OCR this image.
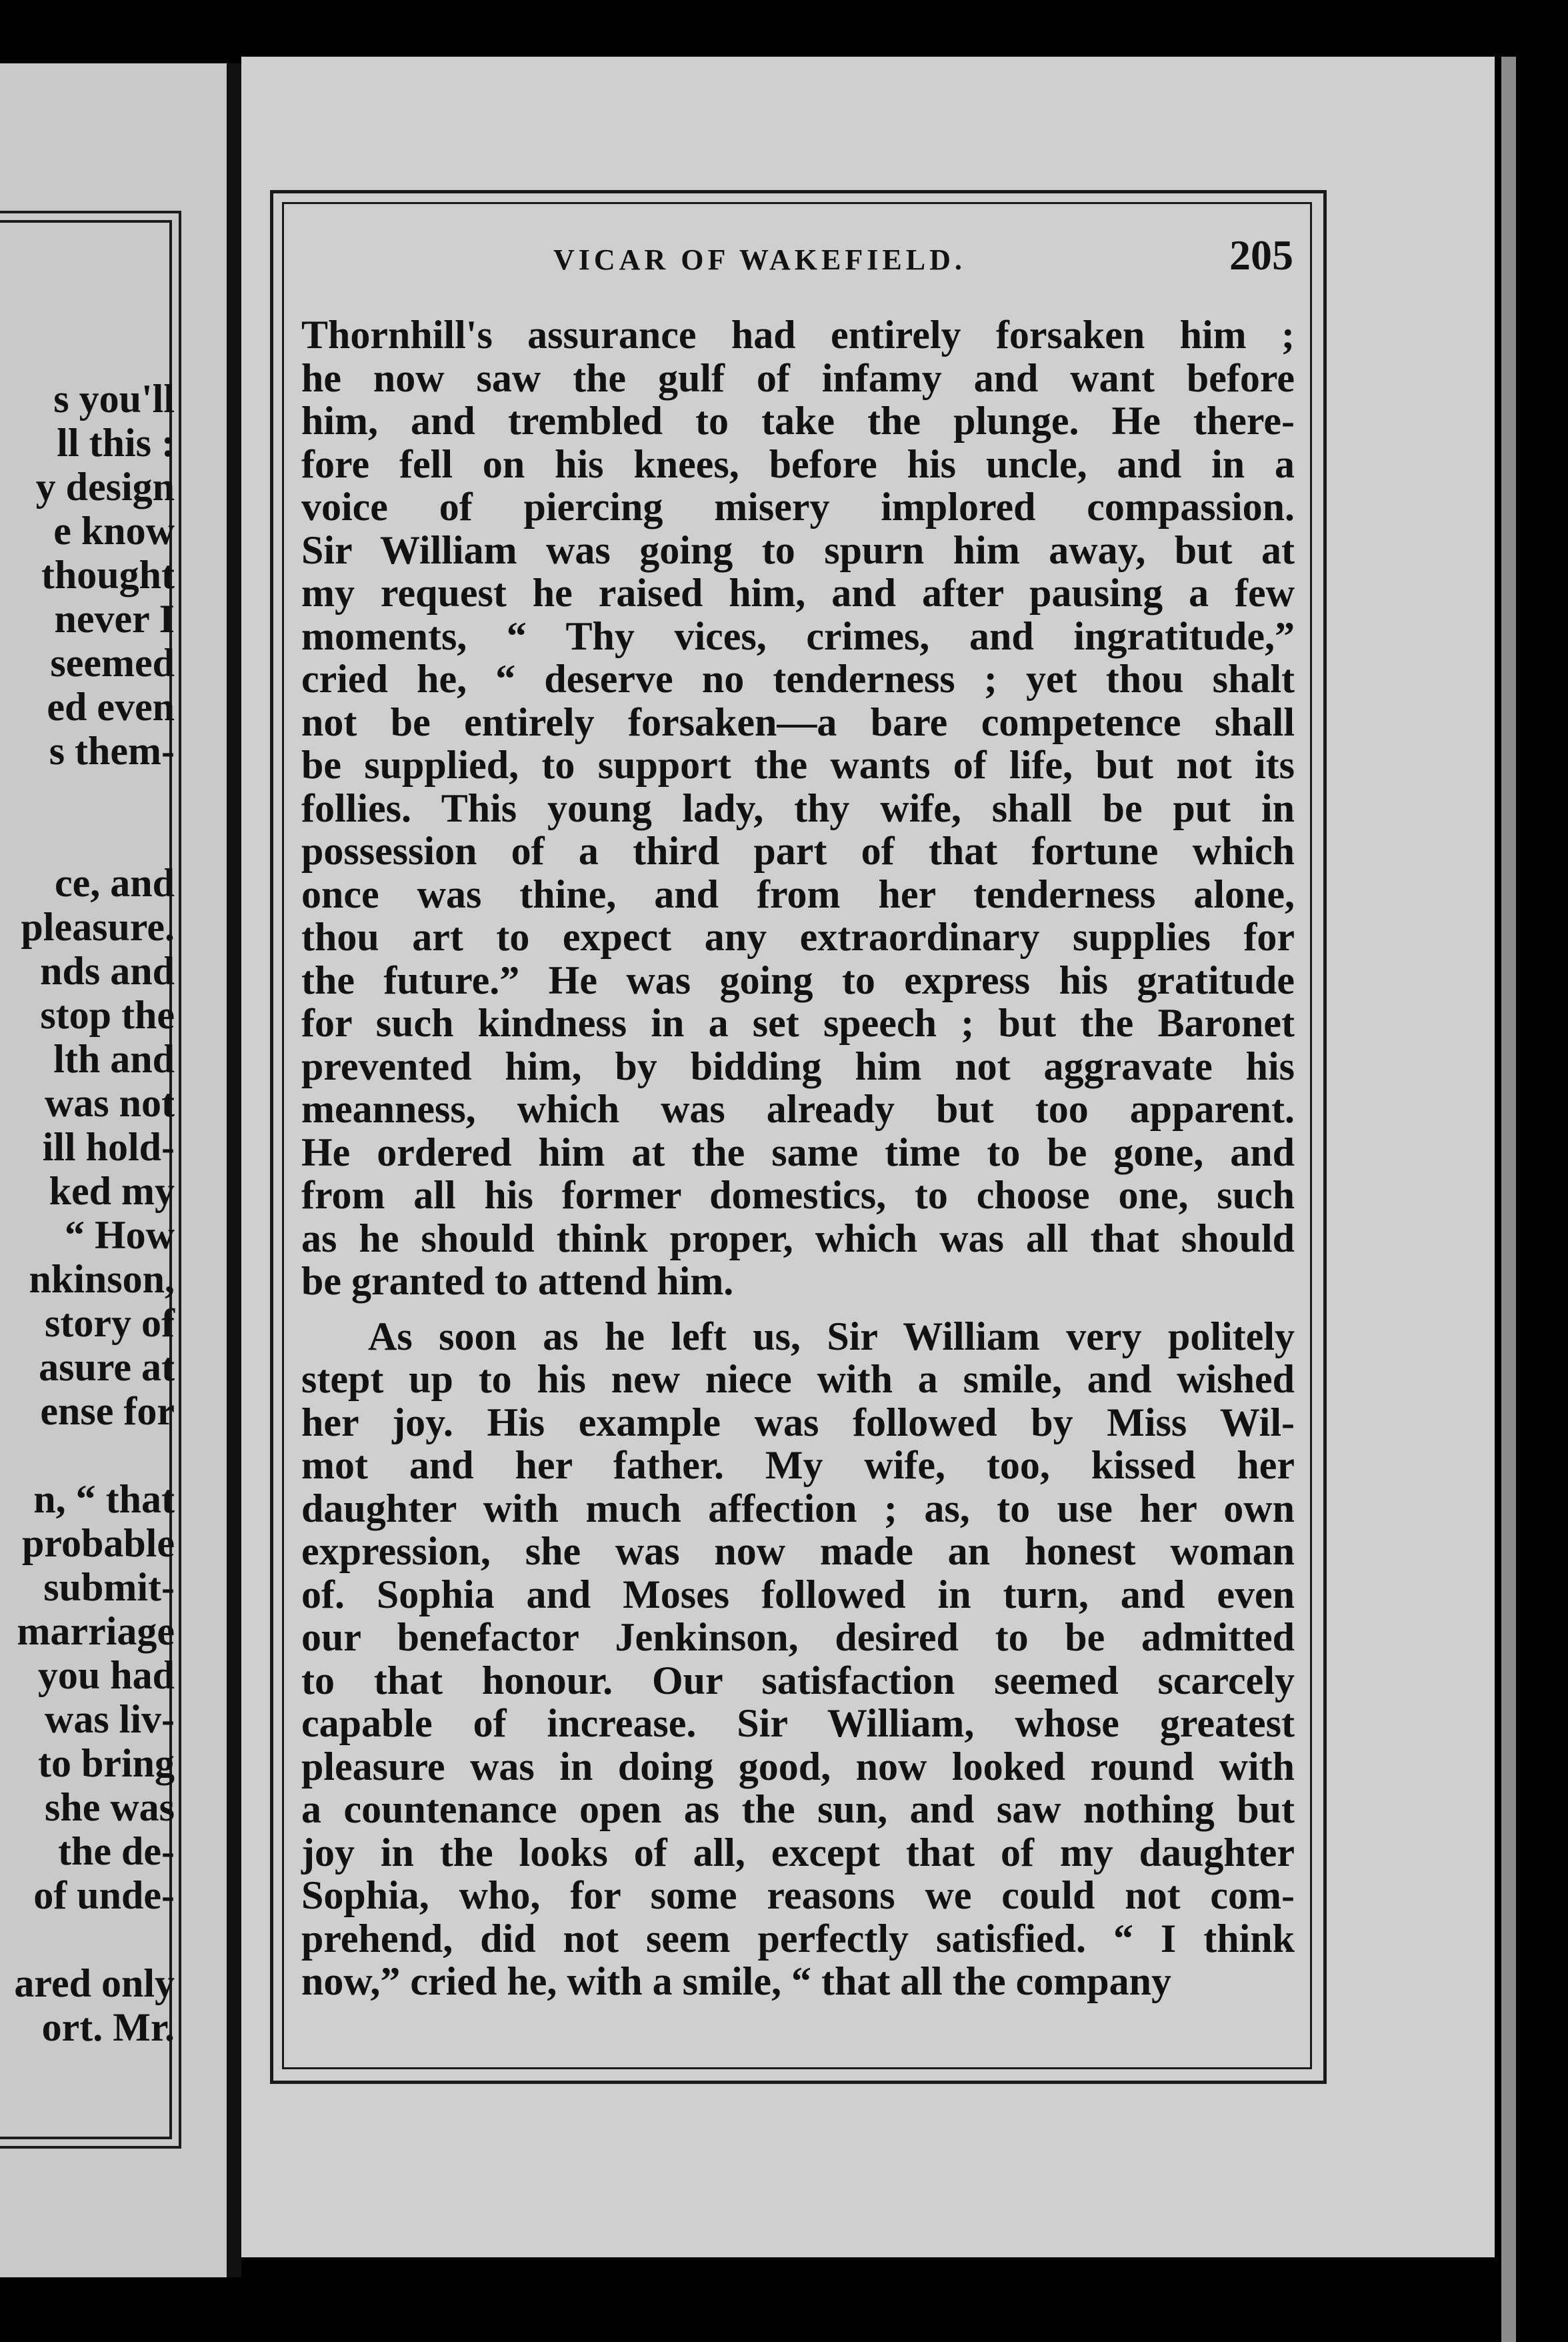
s you'll
ll this :
y design
e know
thought
never I
seemed
ed even
s them-

ce, and
pleasure.
nds and
stop the
lth and
was not
ill hold-
ked my
“ How
nkinson,
story of
asure at
ense for

n, “ that
probable
submit-
marriage
you had
was liv-
to bring
she was
the de-
of unde-

ared only
ort. Mr.
VICAR OF WAKEFIELD.	205
Thornhill's assurance had entirely forsaken him ;
he now saw the gulf of infamy and want before
him, and trembled to take the plunge. He there-
fore fell on his knees, before his uncle, and in a
voice of piercing misery implored compassion.
Sir William was going to spurn him away, but at
my request he raised him, and after pausing a few
moments, “ Thy vices, crimes, and ingratitude,”
cried he, “ deserve no tenderness ; yet thou shalt
not be entirely forsaken—a bare competence shall
be supplied, to support the wants of life, but not its
follies. This young lady, thy wife, shall be put in
possession of a third part of that fortune which
once was thine, and from her tenderness alone,
thou art to expect any extraordinary supplies for
the future.” He was going to express his gratitude
for such kindness in a set speech ; but the Baronet
prevented him, by bidding him not aggravate his
meanness, which was already but too apparent.
He ordered him at the same time to be gone, and
from all his former domestics, to choose one, such
as he should think proper, which was all that should
be granted to attend him.
As soon as he left us, Sir William very politely
stept up to his new niece with a smile, and wished
her joy. His example was followed by Miss Wil-
mot and her father. My wife, too, kissed her
daughter with much affection ; as, to use her own
expression, she was now made an honest woman
of. Sophia and Moses followed in turn, and even
our benefactor Jenkinson, desired to be admitted
to that honour. Our satisfaction seemed scarcely
capable of increase. Sir William, whose greatest
pleasure was in doing good, now looked round with
a countenance open as the sun, and saw nothing but
joy in the looks of all, except that of my daughter
Sophia, who, for some reasons we could not com-
prehend, did not seem perfectly satisfied. “ I think
now,” cried he, with a smile, “ that all the company
